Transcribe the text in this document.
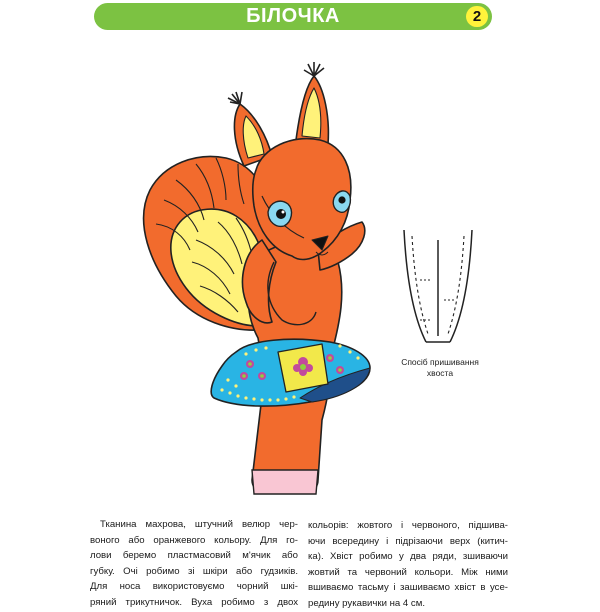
БІЛОЧКА	2
Спосіб пришивання
хвоста
Тканина махрова, штучний велюр чер-
воного або оранжевого кольору. Для го-
лови беремо пластмасовий м'ячик або
губку. Очі робимо зі шкіри або гудзиків.
Для носа використовуємо чорний шкі-
ряний трикутничок. Вуха робимо з двох
кольорів: жовтого і червоного, підшива-
ючи всередину і підрізаючи верх (китич-
ка). Хвіст робимо у два ряди, зшиваючи
жовтий та червоний кольори. Між ними
вшиваємо тасьму і зашиваємо хвіст в усе-
редину рукавички на 4 см.
